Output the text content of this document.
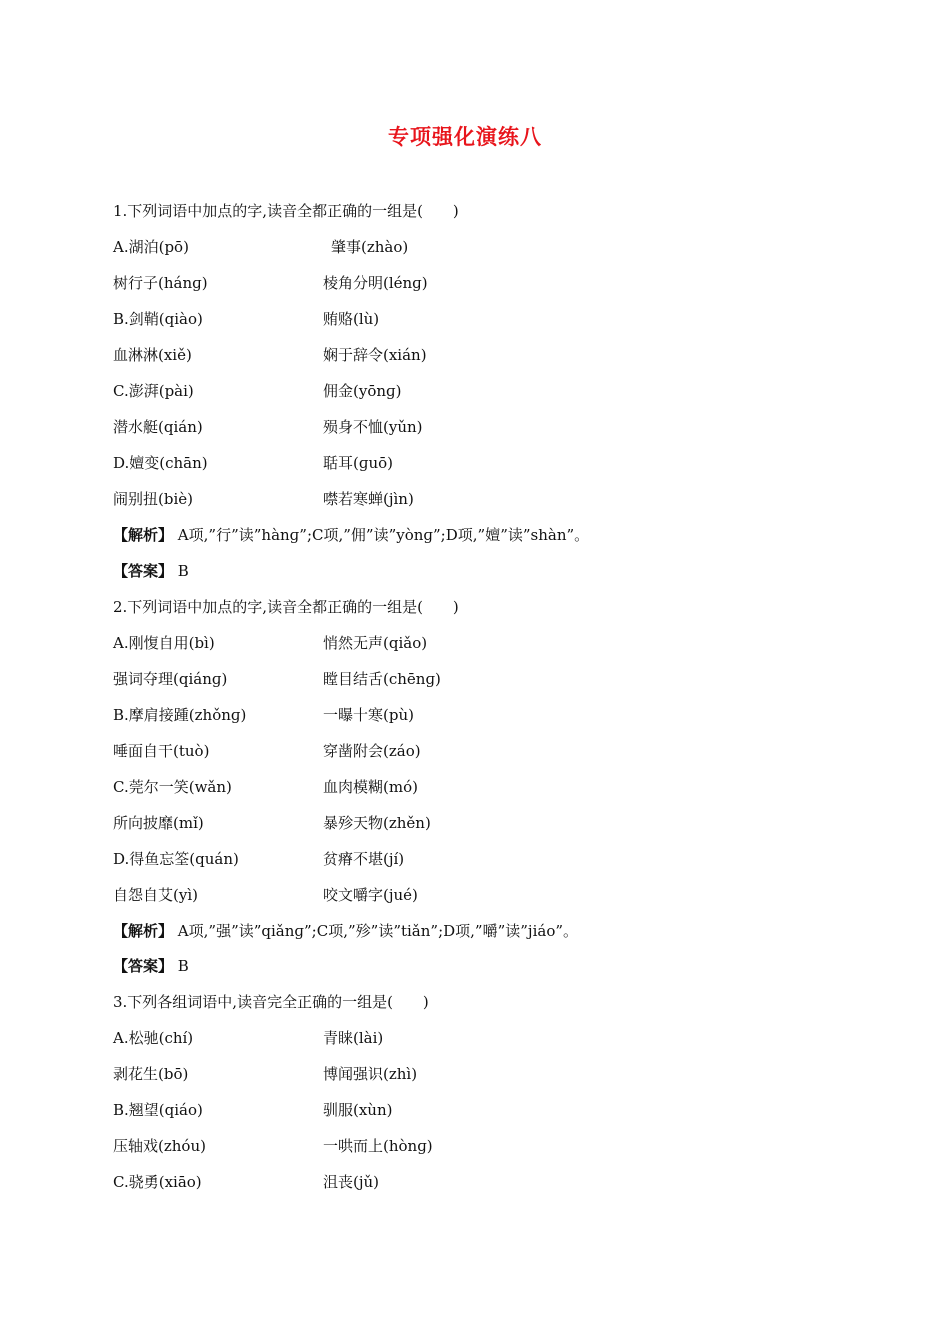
专项强化演练八
1.下列词语中加点的字,读音全都正确的一组是(　　)
A.湖泊(pō)	肇事(zhào)
树行子(hánɡ)	棱角分明(lénɡ)
B.剑鞘(qiào)	贿赂(lù)
血淋淋(xiě)	娴于辞令(xián)
C.澎湃(pài)	佣金(yōnɡ)
潜水艇(qián)	殒身不恤(yǔn)
D.嬗变(chān)	聒耳(ɡuō)
闹别扭(biè)	噤若寒蝉(jìn)
【解析】 A项,”行”读”hànɡ”;C项,”佣”读”yònɡ”;D项,”嬗”读”shàn”。
【答案】 B
2.下列词语中加点的字,读音全都正确的一组是(　　)
A.刚愎自用(bì)	悄然无声(qiǎo)
强词夺理(qiánɡ)	瞠目结舌(chēnɡ)
B.摩肩接踵(zhǒnɡ)	一曝十寒(pù)
唾面自干(tuò)	穿凿附会(záo)
C.莞尔一笑(wǎn)	血肉模糊(mó)
所向披靡(mǐ)	暴殄天物(zhěn)
D.得鱼忘筌(quán)	贫瘠不堪(jí)
自怨自艾(yì)	咬文嚼字(jué)
【解析】 A项,”强”读”qiǎnɡ”;C项,”殄”读”tiǎn”;D项,”嚼”读”jiáo”。
【答案】 B
3.下列各组词语中,读音完全正确的一组是(　　)
A.松驰(chí)	青睐(lài)
剥花生(bō)	博闻强识(zhì)
B.翘望(qiáo)	驯服(xùn)
压轴戏(zhóu)	一哄而上(hònɡ)
C.骁勇(xiāo)	沮丧(jǔ)
